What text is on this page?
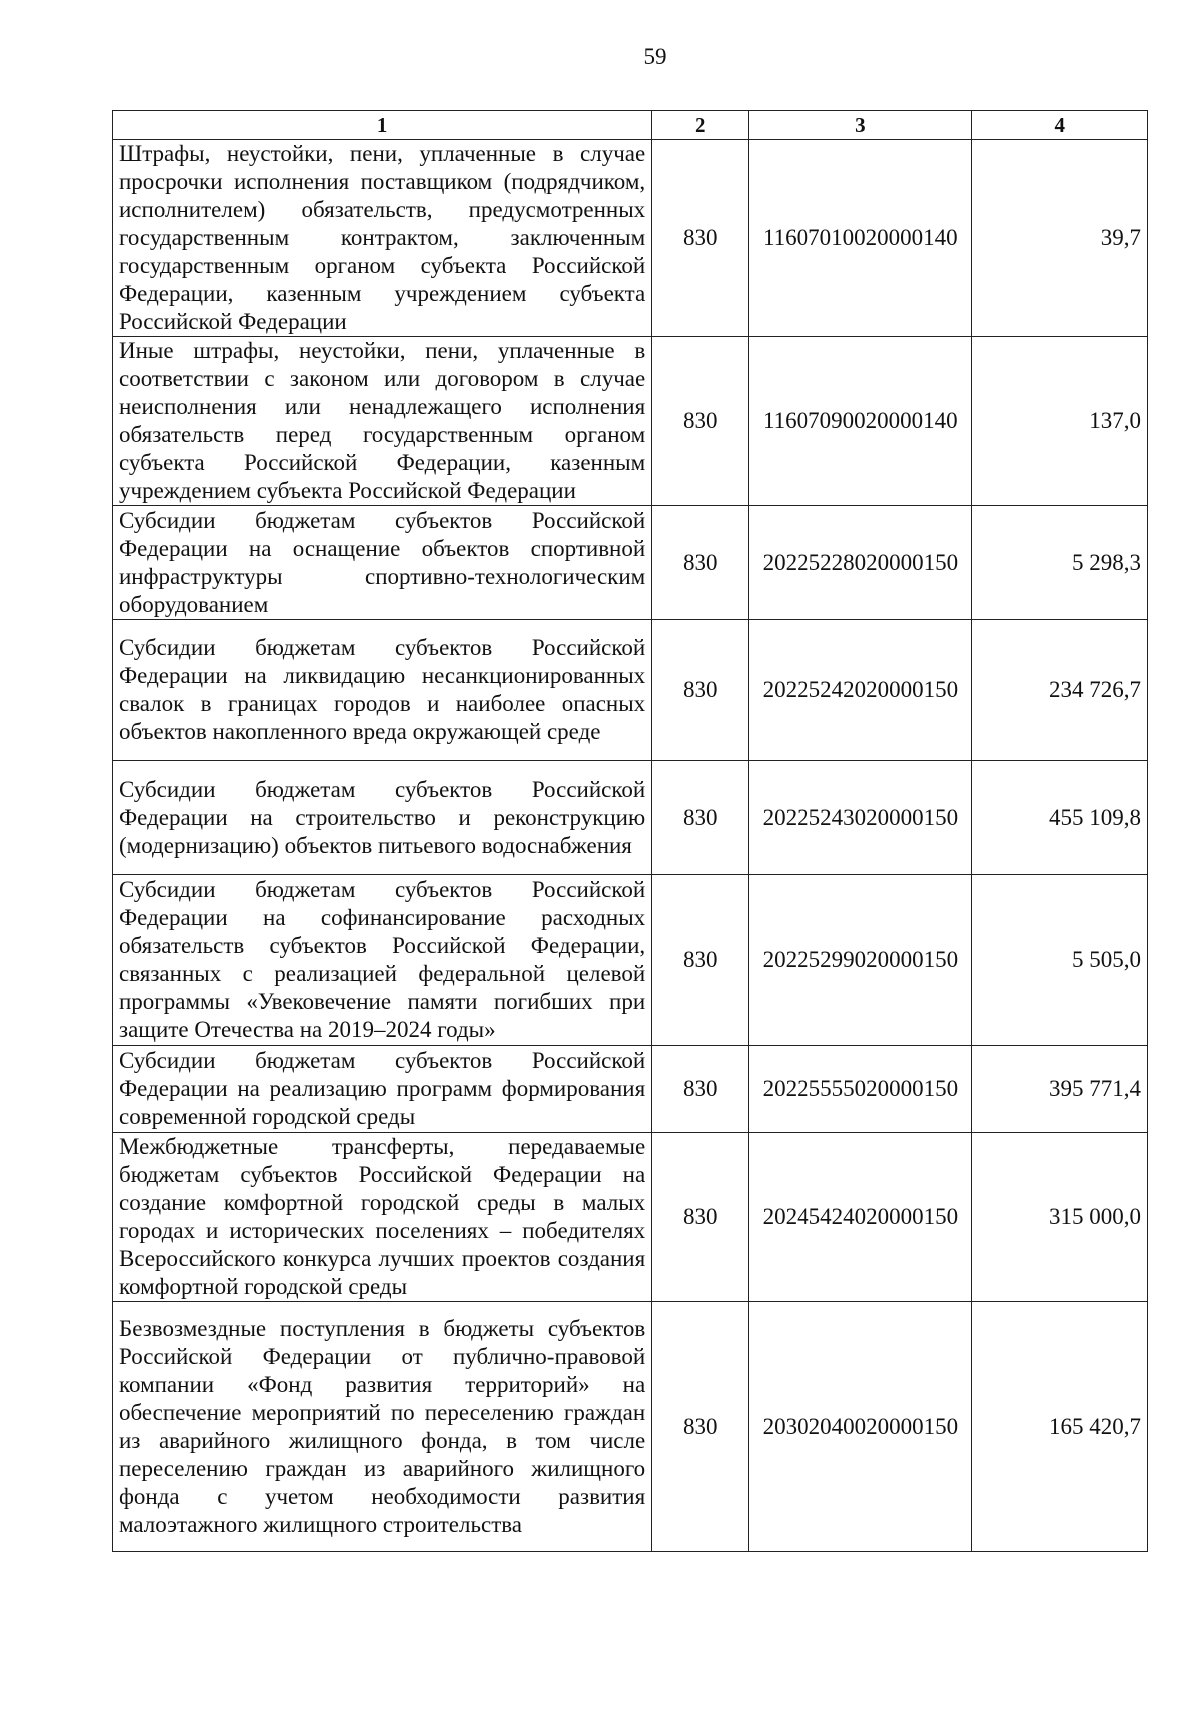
59
1	2	3	4
Штрафы, неустойки, пени, уплаченные в случае просрочки исполнения поставщиком (подрядчиком, исполнителем) обязательств, предусмотренных государственным контрактом, заключенным государственным органом субъекта Российской Федерации, казенным учреждением субъекта Российской Федерации	830	11607010020000140	39,7
Иные штрафы, неустойки, пени, уплаченные в соответствии с законом или договором в случае неисполнения или ненадлежащего исполнения обязательств перед государственным органом субъекта Российской Федерации, казенным учреждением субъекта Российской Федерации	830	11607090020000140	137,0
Субсидии бюджетам субъектов Российской Федерации на оснащение объектов спортивной инфраструктуры спортивно-технологическим оборудованием	830	20225228020000150	5 298,3
Субсидии бюджетам субъектов Российской Федерации на ликвидацию несанкционированных свалок в границах городов и наиболее опасных объектов накопленного вреда окружающей среде	830	20225242020000150	234 726,7
Субсидии бюджетам субъектов Российской Федерации на строительство и реконструкцию (модернизацию) объектов питьевого водоснабжения	830	20225243020000150	455 109,8
Субсидии бюджетам субъектов Российской Федерации на софинансирование расходных обязательств субъектов Российской Федерации, связанных с реализацией федеральной целевой программы «Увековечение памяти погибших при защите Отечества на 2019–2024 годы»	830	20225299020000150	5 505,0
Субсидии бюджетам субъектов Российской Федерации на реализацию программ формирования современной городской среды	830	20225555020000150	395 771,4
Межбюджетные трансферты, передаваемые бюджетам субъектов Российской Федерации на создание комфортной городской среды в малых городах и исторических поселениях – победителях Всероссийского конкурса лучших проектов создания комфортной городской среды	830	20245424020000150	315 000,0
Безвозмездные поступления в бюджеты субъектов Российской Федерации от публично-правовой компании «Фонд развития территорий» на обеспечение мероприятий по переселению граждан из аварийного жилищного фонда, в том числе переселению граждан из аварийного жилищного фонда с учетом необходимости развития малоэтажного жилищного строительства	830	20302040020000150	165 420,7
